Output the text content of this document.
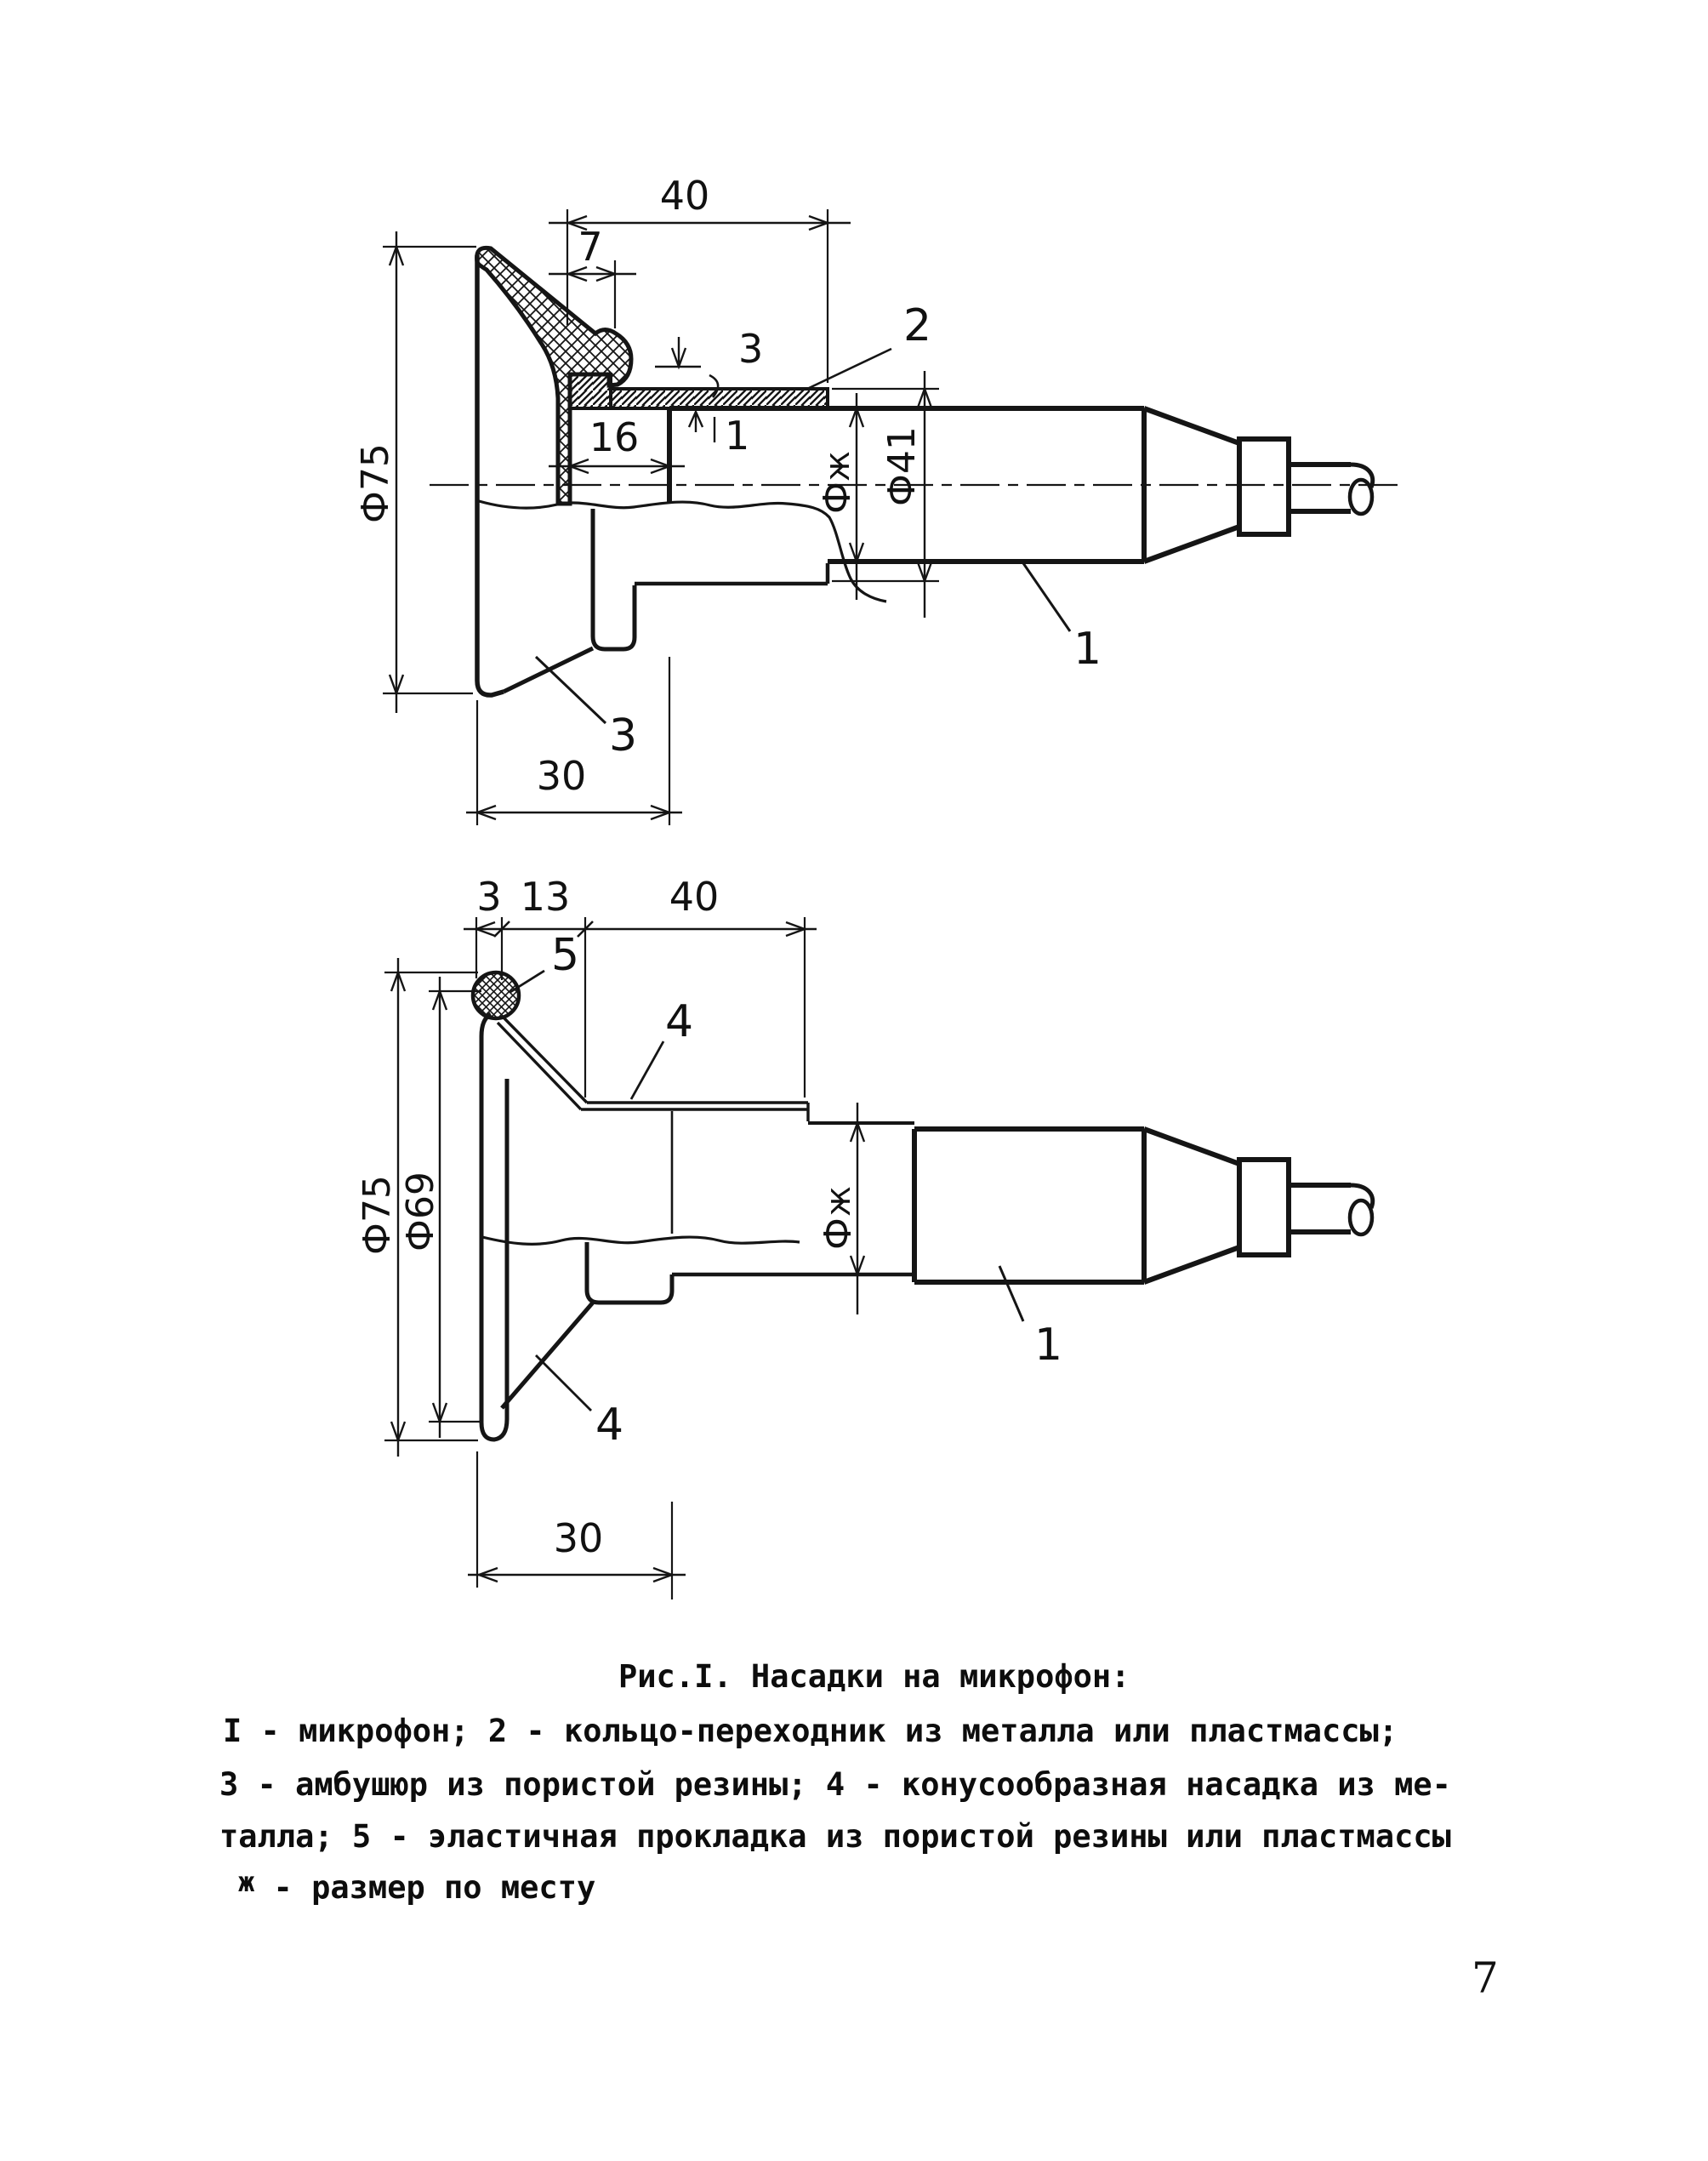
40
7
3
1
16
Ф75	Ф
ж Ф41
30
2
1
3
3 13	40
Ф75 Ф69	Ф
ж
30
5
4
4
1
Рис.I. Насадки на микрофон:
I - микрофон; 2 - кольцо-переходник из металла или пластмассы;
3 - амбушюр из пористой резины; 4 - конусообразная насадка из ме-
талла; 5 - эластичная прокладка из пористой резины или пластмассы
ж - размер по месту
7
